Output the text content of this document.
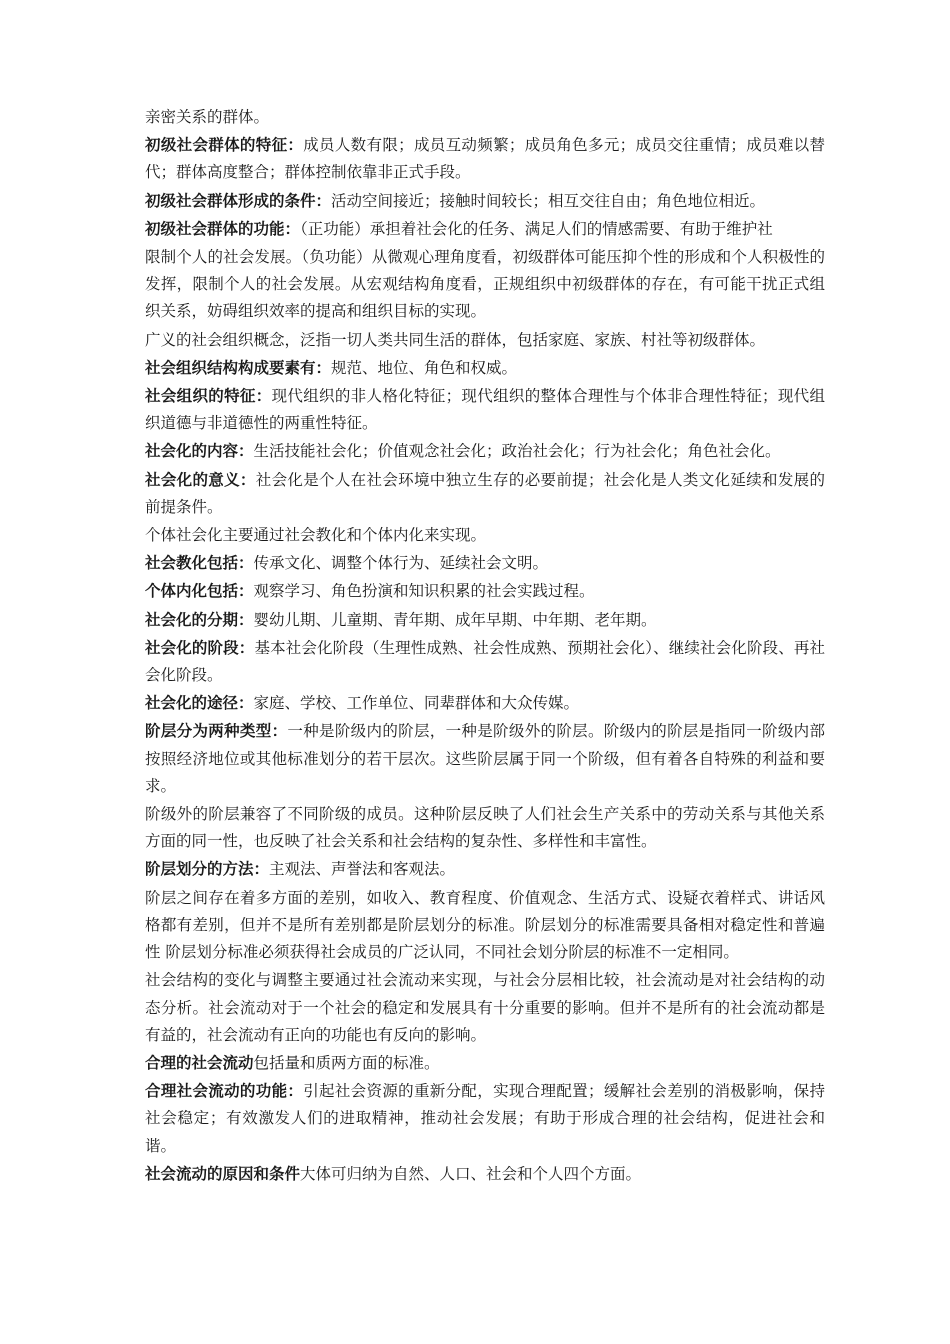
亲密关系的群体。

初级社会群体的特征：成员人数有限；成员互动频繁；成员角色多元；成员交往重情；成员难以替代；群体高度整合；群体控制依靠非正式手段。

初级社会群体形成的条件：活动空间接近；接触时间较长；相互交往自由；角色地位相近。

初级社会群体的功能：（正功能）承担着社会化的任务、满足人们的情感需要、有助于维护社

限制个人的社会发展。（负功能）从微观心理角度看，初级群体可能压抑个性的形成和个人积极性的发挥，限制个人的社会发展。从宏观结构角度看，正规组织中初级群体的存在，有可能干扰正式组织关系，妨碍组织效率的提高和组织目标的实现。

广义的社会组织概念，泛指一切人类共同生活的群体，包括家庭、家族、村社等初级群体。

社会组织结构构成要素有：规范、地位、角色和权威。

社会组织的特征：现代组织的非人格化特征；现代组织的整体合理性与个体非合理性特征；现代组织道德与非道德性的两重性特征。

社会化的内容：生活技能社会化；价值观念社会化；政治社会化；行为社会化；角色社会化。

社会化的意义：社会化是个人在社会环境中独立生存的必要前提；社会化是人类文化延续和发展的前提条件。

个体社会化主要通过社会教化和个体内化来实现。

社会教化包括：传承文化、调整个体行为、延续社会文明。

个体内化包括：观察学习、角色扮演和知识积累的社会实践过程。

社会化的分期：婴幼儿期、儿童期、青年期、成年早期、中年期、老年期。

社会化的阶段：基本社会化阶段（生理性成熟、社会性成熟、预期社会化）、继续社会化阶段、再社会化阶段。

社会化的途径：家庭、学校、工作单位、同辈群体和大众传媒。

阶层分为两种类型：一种是阶级内的阶层，一种是阶级外的阶层。阶级内的阶层是指同一阶级内部按照经济地位或其他标准划分的若干层次。这些阶层属于同一个阶级，但有着各自特殊的利益和要求。

阶级外的阶层兼容了不同阶级的成员。这种阶层反映了人们社会生产关系中的劳动关系与其他关系方面的同一性，也反映了社会关系和社会结构的复杂性、多样性和丰富性。

阶层划分的方法：主观法、声誉法和客观法。

阶层之间存在着多方面的差别，如收入、教育程度、价值观念、生活方式、设疑衣着样式、讲话风格都有差别，但并不是所有差别都是阶层划分的标准。阶层划分的标准需要具备相对稳定性和普遍性 阶层划分标准必须获得社会成员的广泛认同，不同社会划分阶层的标准不一定相同。

社会结构的变化与调整主要通过社会流动来实现，与社会分层相比较，社会流动是对社会结构的动态分析。社会流动对于一个社会的稳定和发展具有十分重要的影响。但并不是所有的社会流动都是有益的，社会流动有正向的功能也有反向的影响。

合理的社会流动包括量和质两方面的标准。

合理社会流动的功能：引起社会资源的重新分配，实现合理配置；缓解社会差别的消极影响，保持社会稳定；有效激发人们的进取精神，推动社会发展；有助于形成合理的社会结构，促进社会和谐。

社会流动的原因和条件大体可归纳为自然、人口、社会和个人四个方面。
